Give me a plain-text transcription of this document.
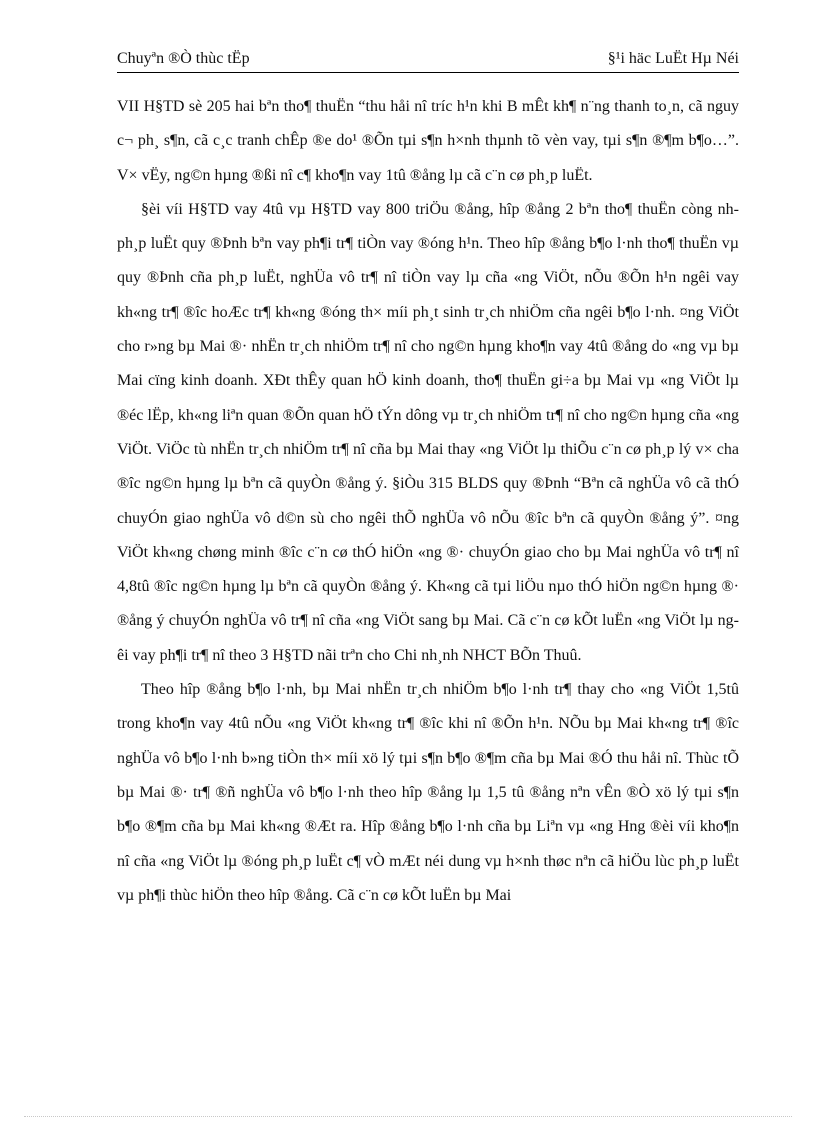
Chuyªn ®Ò thùc tËp	§¹i häc LuËt Hµ Néi

VII H§TD sè 205 hai bªn tho¶ thuËn “thu håi nî tríc h¹n khi B mÊt kh¶ n¨ng thanh to¸n, cã nguy c¬ ph¸ s¶n, cã c¸c tranh chÊp ®e do¹ ®Õn tµi s¶n h×nh thµnh tõ vèn vay, tµi s¶n ®¶m b¶o…”. V× vËy, ng©n hµng ®ßi nî c¶ kho¶n vay 1tû ®ång lµ cã c¨n cø ph¸p luËt.

§èi víi H§TD vay 4tû vµ H§TD vay 800 triÖu ®ång, hîp ®ång 2 bªn tho¶ thuËn còng nh ph¸p luËt quy ®Þnh bªn vay ph¶i tr¶ tiÒn vay ®óng h¹n. Theo hîp ®ång b¶o l·nh tho¶ thuËn vµ quy ®Þnh cña ph¸p luËt, nghÜa vô tr¶ nî tiÒn vay lµ cña «ng ViÖt, nÕu ®Õn h¹n ngêi vay kh«ng tr¶ ®îc hoÆc tr¶ kh«ng ®óng th× míi ph¸t sinh tr¸ch nhiÖm cña ngêi b¶o l·nh. ¤ng ViÖt cho r»ng bµ Mai ®· nhËn tr¸ch nhiÖm tr¶ nî cho ng©n hµng kho¶n vay 4tû ®ång do «ng vµ bµ Mai cïng kinh doanh. XÐt thÊy quan hÖ kinh doanh, tho¶ thuËn gi÷a bµ Mai vµ «ng ViÖt lµ ®éc lËp, kh«ng liªn quan ®Õn quan hÖ tÝn dông vµ tr¸ch nhiÖm tr¶ nî cho ng©n hµng cña «ng ViÖt. ViÖc tù nhËn tr¸ch nhiÖm tr¶ nî cña bµ Mai thay «ng ViÖt lµ thiÕu c¨n cø ph¸p lý v× cha ®îc ng©n hµng lµ bªn cã quyÒn ®ång ý. §iÒu 315 BLDS quy ®Þnh “Bªn cã nghÜa vô cã thÓ chuyÓn giao nghÜa vô d©n sù cho ngêi thÕ nghÜa vô nÕu ®îc bªn cã quyÒn ®ång ý”. ¤ng ViÖt kh«ng chøng minh ®îc c¨n cø thÓ hiÖn «ng ®· chuyÓn giao cho bµ Mai nghÜa vô tr¶ nî 4,8tû ®îc ng©n hµng lµ bªn cã quyÒn ®ång ý. Kh«ng cã tµi liÖu nµo thÓ hiÖn ng©n hµng ®· ®ång ý chuyÓn nghÜa vô tr¶ nî cña «ng ViÖt sang bµ Mai. Cã c¨n cø kÕt luËn «ng ViÖt lµ ngêi vay ph¶i tr¶ nî theo 3 H§TD nãi trªn cho Chi nh¸nh NHCT BÕn Thuû.

Theo hîp ®ång b¶o l·nh, bµ Mai nhËn tr¸ch nhiÖm b¶o l·nh tr¶ thay cho «ng ViÖt 1,5tû trong kho¶n vay 4tû nÕu «ng ViÖt kh«ng tr¶ ®îc khi nî ®Õn h¹n. NÕu bµ Mai kh«ng tr¶ ®îc nghÜa vô b¶o l·nh b»ng tiÒn th× míi xö lý tµi s¶n b¶o ®¶m cña bµ Mai ®Ó thu håi nî. Thùc tÕ bµ Mai ®· tr¶ ®ñ nghÜa vô b¶o l·nh theo hîp ®ång lµ 1,5 tû ®ång nªn vÊn ®Ò xö lý tµi s¶n b¶o ®¶m cña bµ Mai kh«ng ®Æt ra. Hîp ®ång b¶o l·nh cña bµ Liªn vµ «ng Hng ®èi víi kho¶n nî cña «ng ViÖt lµ ®óng ph¸p luËt c¶ vÒ mÆt néi dung vµ h×nh thøc nªn cã hiÖu lùc ph¸p luËt vµ ph¶i thùc hiÖn theo hîp ®ång. Cã c¨n cø kÕt luËn bµ Mai
